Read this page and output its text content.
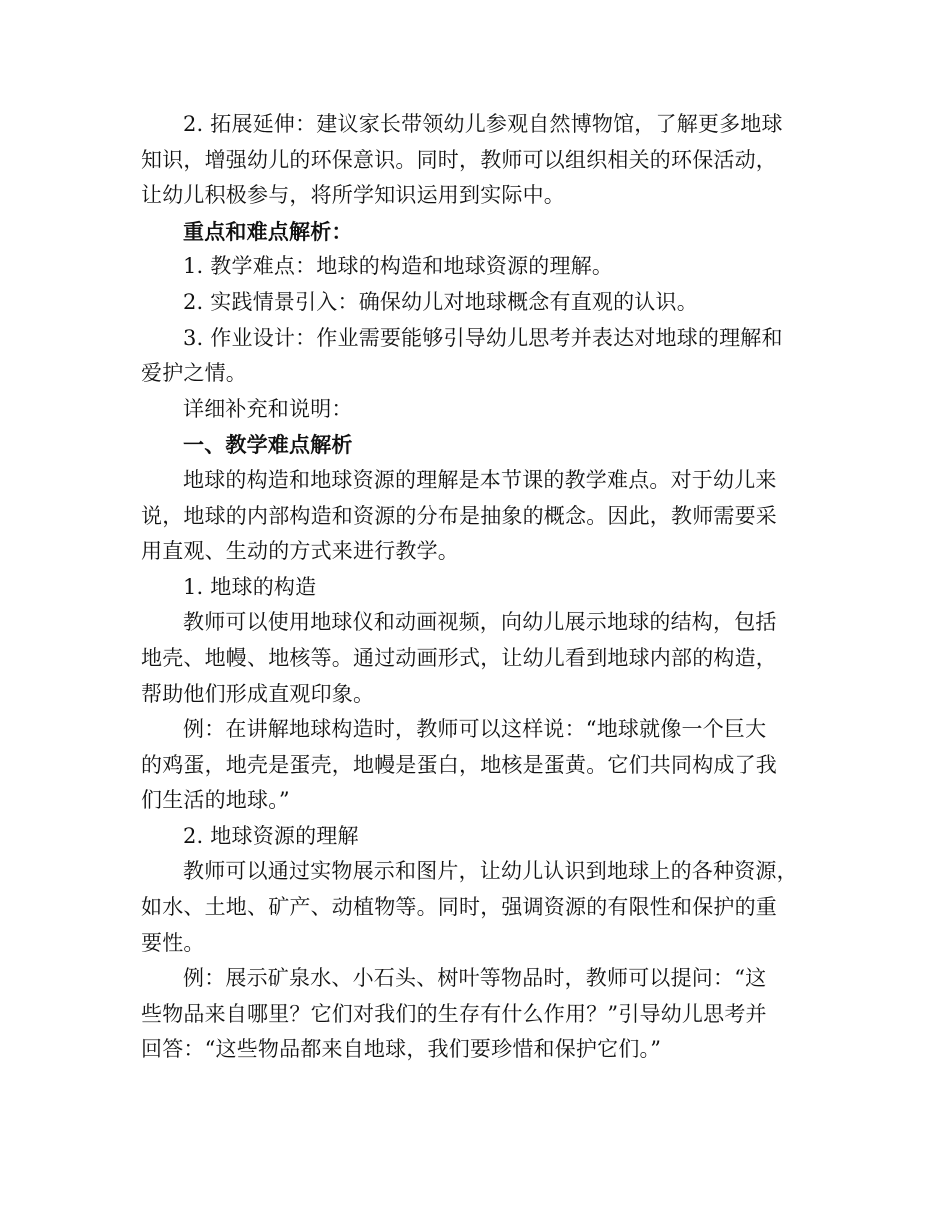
2. 拓展延伸：建议家长带领幼儿参观自然博物馆，了解更多地球
知识，增强幼儿的环保意识。同时，教师可以组织相关的环保活动，
让幼儿积极参与，将所学知识运用到实际中。
重点和难点解析：
1. 教学难点：地球的构造和地球资源的理解。
2. 实践情景引入：确保幼儿对地球概念有直观的认识。
3. 作业设计：作业需要能够引导幼儿思考并表达对地球的理解和
爱护之情。
详细补充和说明：
一、教学难点解析
地球的构造和地球资源的理解是本节课的教学难点。对于幼儿来
说，地球的内部构造和资源的分布是抽象的概念。因此，教师需要采
用直观、生动的方式来进行教学。
1. 地球的构造
教师可以使用地球仪和动画视频，向幼儿展示地球的结构，包括
地壳、地幔、地核等。通过动画形式，让幼儿看到地球内部的构造，
帮助他们形成直观印象。
例：在讲解地球构造时，教师可以这样说：“地球就像一个巨大
的鸡蛋，地壳是蛋壳，地幔是蛋白，地核是蛋黄。它们共同构成了我
们生活的地球。”
2. 地球资源的理解
教师可以通过实物展示和图片，让幼儿认识到地球上的各种资源，
如水、土地、矿产、动植物等。同时，强调资源的有限性和保护的重
要性。
例：展示矿泉水、小石头、树叶等物品时，教师可以提问：“这
些物品来自哪里？它们对我们的生存有什么作用？”引导幼儿思考并
回答：“这些物品都来自地球，我们要珍惜和保护它们。”
